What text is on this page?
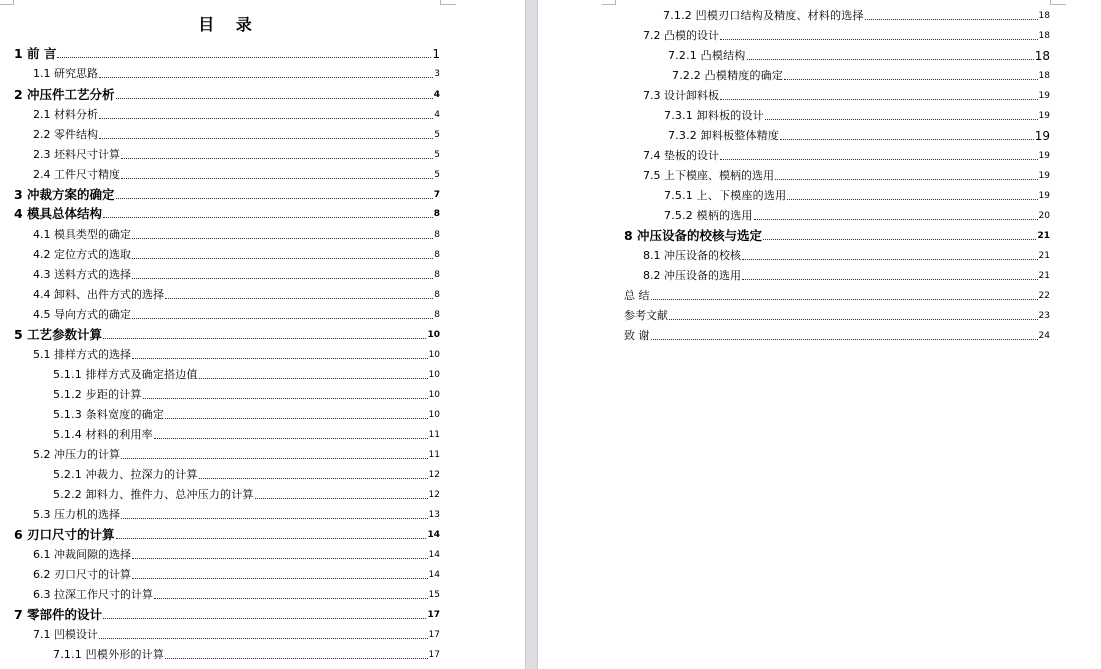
目 录
1 前 言	1
1.1 研究思路	3
2 冲压件工艺分析	4
2.1 材料分析	4
2.2 零件结构	5
2.3 坯料尺寸计算	5
2.4 工件尺寸精度	5
3 冲裁方案的确定	7
4 模具总体结构	8
4.1 模具类型的确定	8
4.2 定位方式的选取	8
4.3 送料方式的选择	8
4.4 卸料、出件方式的选择	8
4.5 导向方式的确定	8
5 工艺参数计算	10
5.1 排样方式的选择	10
5.1.1 排样方式及确定搭边值	10
5.1.2 步距的计算	10
5.1.3 条料宽度的确定	10
5.1.4 材料的利用率	11
5.2 冲压力的计算	11
5.2.1 冲裁力、拉深力的计算	12
5.2.2 卸料力、推件力、总冲压力的计算	12
5.3 压力机的选择	13
6 刃口尺寸的计算	14
6.1 冲裁间隙的选择	14
6.2 刃口尺寸的计算	14
6.3 拉深工作尺寸的计算	15
7 零部件的设计	17
7.1 凹模设计	17
7.1.1 凹模外形的计算	17
7.1.2 凹模刃口结构及精度、材料的选择	18
7.2 凸模的设计	18
7.2.1 凸模结构	18
7.2.2 凸模精度的确定	18
7.3 设计卸料板	19
7.3.1 卸料板的设计	19
7.3.2 卸料板整体精度	19
7.4 垫板的设计	19
7.5 上下模座、模柄的选用	19
7.5.1 上、下模座的选用	19
7.5.2 模柄的选用	20
8 冲压设备的校核与选定	21
8.1 冲压设备的校核	21
8.2 冲压设备的选用	21
总 结	22
参考文献	23
致 谢	24
